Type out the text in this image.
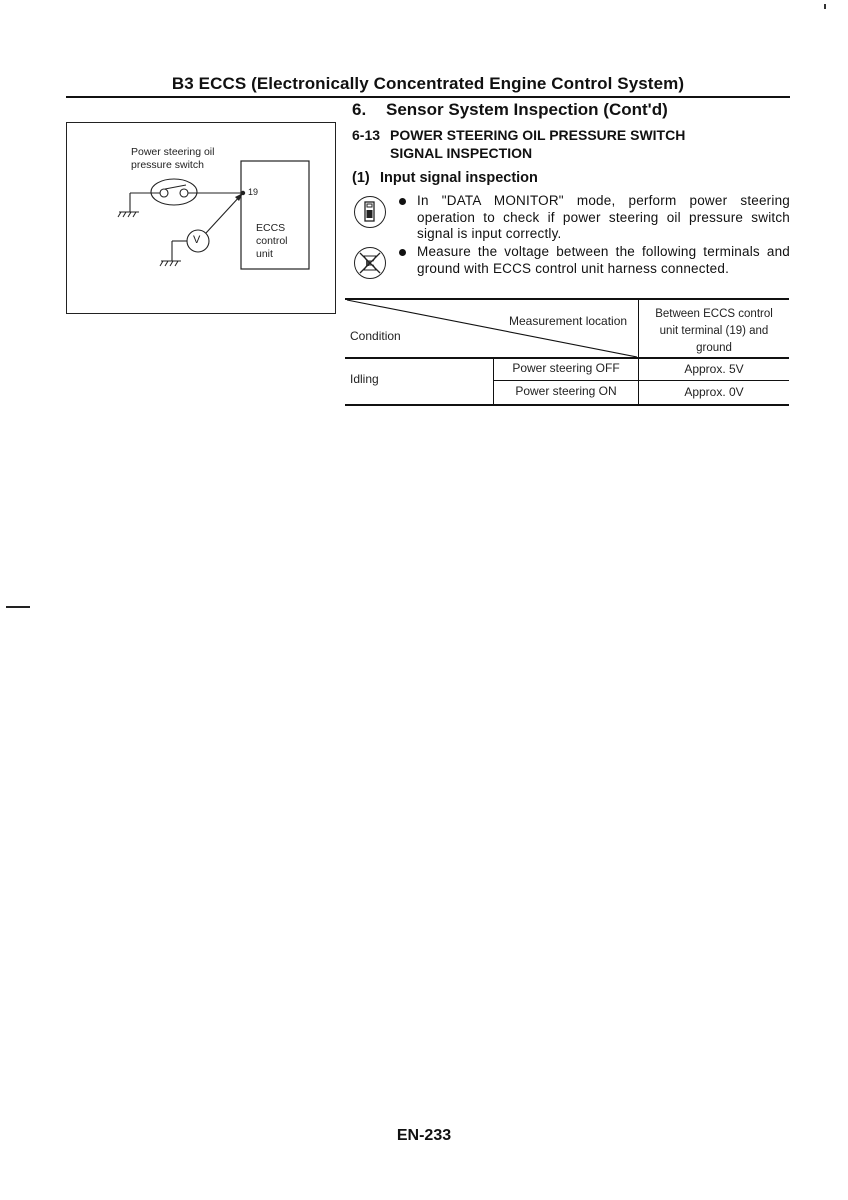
B3 ECCS (Electronically Concentrated Engine Control System)
6. Sensor System Inspection (Cont'd)
6-13 POWER STEERING OIL PRESSURE SWITCH
SIGNAL INSPECTION
(1) Input signal inspection
In "DATA MONITOR" mode, perform power steering operation to check if power steering oil pressure switch signal is input correctly.
Measure the voltage between the following terminals and ground with ECCS control unit harness connected.
V
Power steering oil
pressure switch
19
ECCS
control
unit
Measurement location
Condition
Between ECCS control
unit terminal (19) and
ground
Idling
Power steering OFF	Approx. 5V
Power steering ON	Approx. 0V
EN-233
